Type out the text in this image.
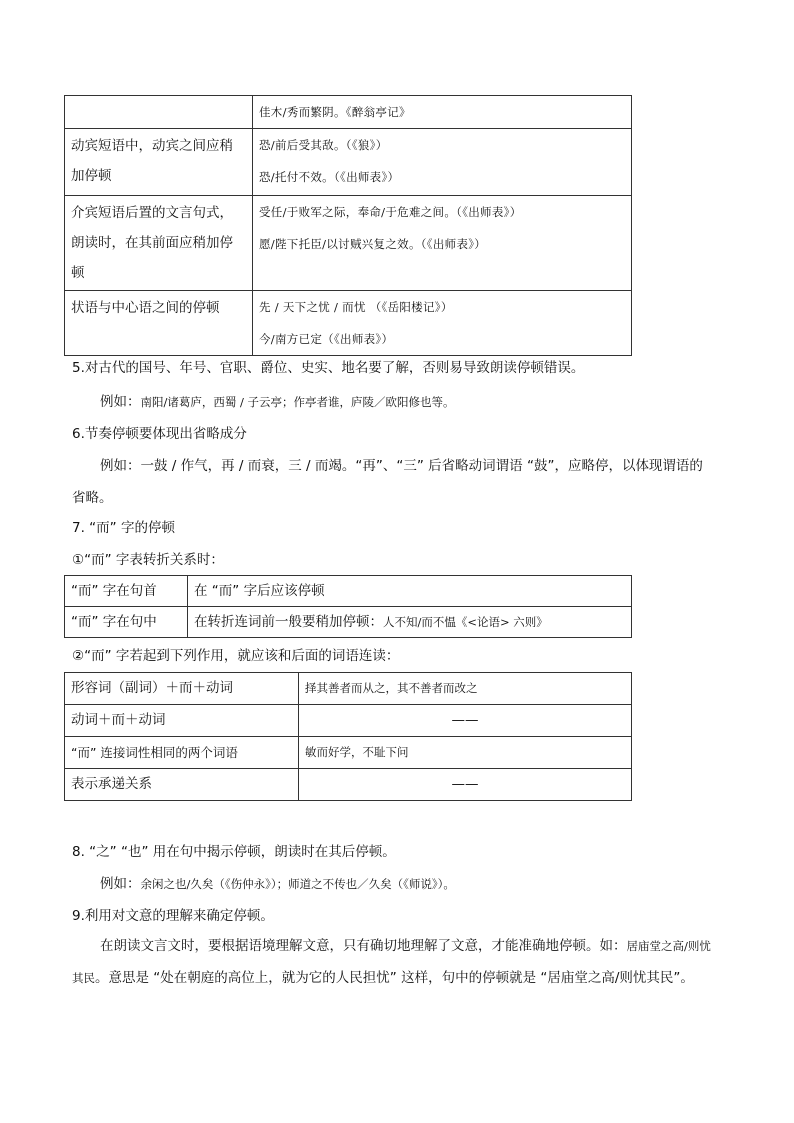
	佳木/秀而繁阴。《醉翁亭记》

动宾短语中，动宾之间应稍加停顿	恐/前后受其敌。（《狼》）
恐/托付不效。（《出师表》）

介宾短语后置的文言句式，朗读时，在其前面应稍加停顿	受任/于败军之际，奉命/于危难之间。（《出师表》）
愿/陛下托臣/以讨贼兴复之效。（《出师表》）

状语与中心语之间的停顿	先 / 天下之忧 / 而忧 （《岳阳楼记》）
今/南方已定（《出师表》）
5.对古代的国号、年号、官职、爵位、史实、地名要了解，否则易导致朗读停顿错误。
例如：南阳/诸葛庐，西蜀 / 子云亭；作亭者谁，庐陵／欧阳修也等。
6.节奏停顿要体现出省略成分
例如：一鼓 / 作气，再 / 而衰，三 / 而竭。“再”、“三” 后省略动词谓语 “鼓”，应略停，以体现谓语的省略。
7. “而” 字的停顿
①“而” 字表转折关系时：
“而” 字在句首	在 “而” 字后应该停顿
“而” 字在句中	在转折连词前一般要稍加停顿：人不知/而不愠《<论语> 六则》
②“而” 字若起到下列作用，就应该和后面的词语连读：
形容词（副词）＋而＋动词	择其善者而从之，其不善者而改之
动词＋而＋动词	——
“而” 连接词性相同的两个词语	敏而好学，不耻下问
表示承递关系	——
8. “之” “也” 用在句中揭示停顿，朗读时在其后停顿。
例如：余闲之也/久矣（《伤仲永》）；师道之不传也／久矣（《师说》）。
9.利用对文意的理解来确定停顿。
在朗读文言文时，要根据语境理解文意，只有确切地理解了文意，才能准确地停顿。如：居庙堂之高/则忧其民。意思是 “处在朝庭的高位上，就为它的人民担忧” 这样，句中的停顿就是 “居庙堂之高/则忧其民”。
